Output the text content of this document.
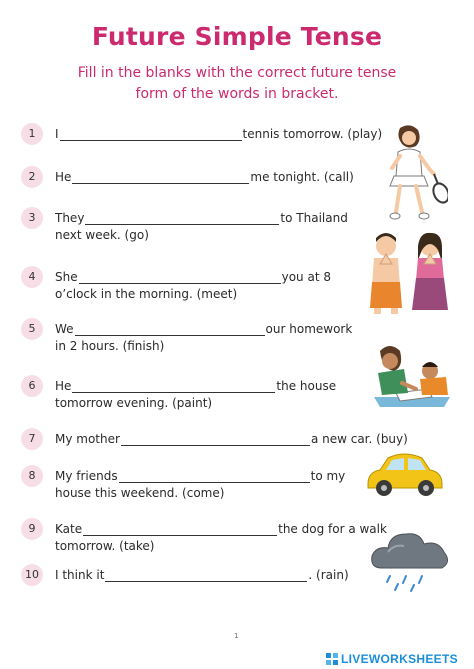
Future Simple Tense
Fill in the blanks with the correct future tense
form of the words in bracket.
1	I	tennis tomorrow. (play)
2	He	me tonight. (call)
3	They	to Thailand
next week. (go)
4	She	you at 8
o’clock in the morning. (meet)
5	We	our homework
in 2 hours. (finish)
6	He	the house
tomorrow evening. (paint)
7	My mother	a new car. (buy)
8	My friends	to my
house this weekend. (come)
9	Kate	the dog for a walk
tomorrow. (take)
10	I think it	. (rain)
1
LIVEWORKSHEETS
